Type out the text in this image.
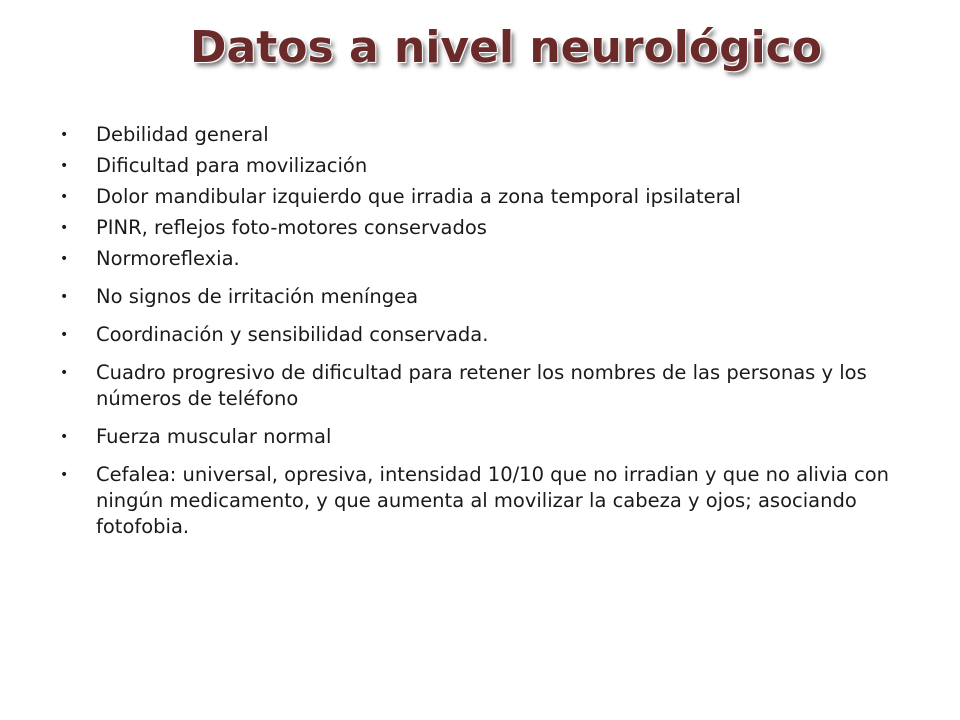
Datos a nivel neurológico
• Debilidad general
• Dificultad para movilización
• Dolor mandibular izquierdo que irradia a zona temporal ipsilateral
• PINR, reflejos foto-motores conservados
• Normoreflexia.
• No signos de irritación meníngea
• Coordinación y sensibilidad conservada.
• Cuadro progresivo de dificultad para retener los nombres de las personas y los números de teléfono
• Fuerza muscular normal
• Cefalea: universal, opresiva, intensidad 10/10 que no irradian y que no alivia con ningún medicamento, y que aumenta al movilizar la cabeza y ojos; asociando fotofobia.
